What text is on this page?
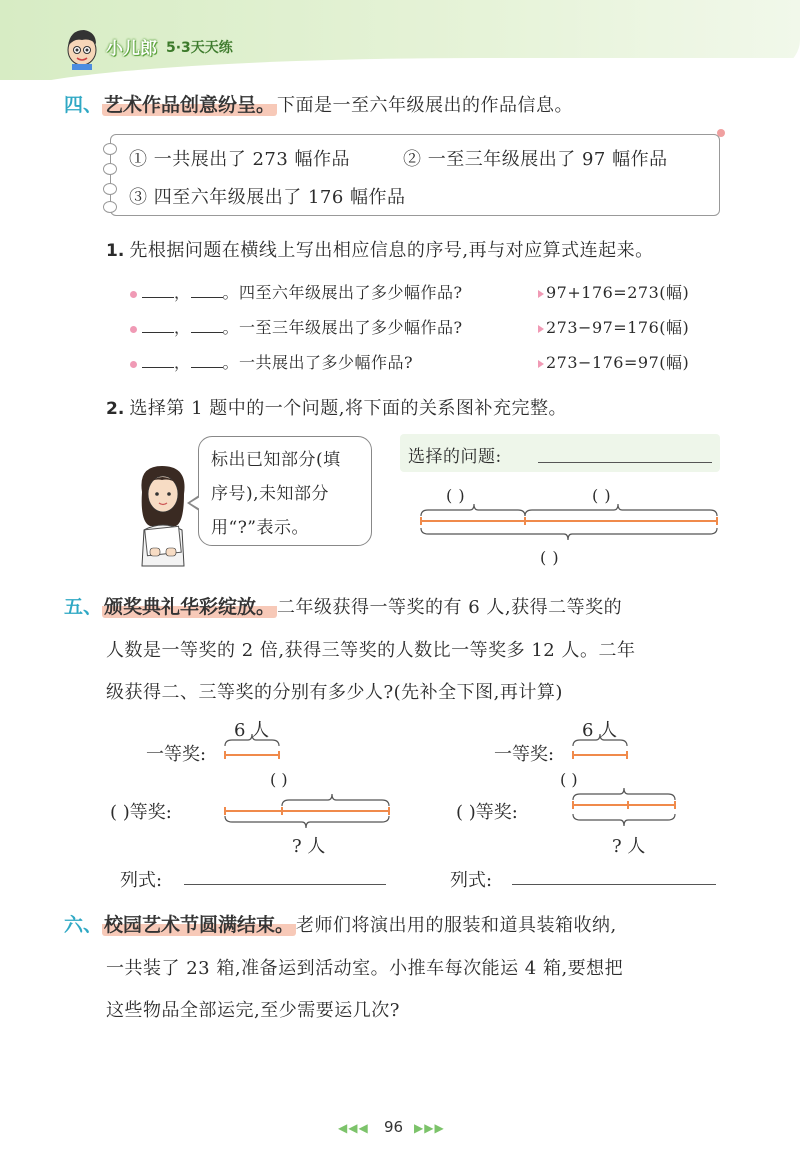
小儿郎 5·3天天练
四、 艺术作品创意纷呈。 下面是一至六年级展出的作品信息。
① 一共展出了 273 幅作品	② 一至三年级展出了 97 幅作品
③ 四至六年级展出了 176 幅作品
1. 先根据问题在横线上写出相应信息的序号,再与对应算式连起来。
， 。四至六年级展出了多少幅作品?	97+176=273(幅)
， 。一至三年级展出了多少幅作品?	273−97=176(幅)
， 。一共展出了多少幅作品?	273−176=97(幅)
2. 选择第 1 题中的一个问题,将下面的关系图补充完整。
标出已知部分(填
序号),未知部分
用“?”表示。
选择的问题:
( )	( )
( )
五、 颁奖典礼华彩绽放。 二年级获得一等奖的有 6 人,获得二等奖的
人数是一等奖的 2 倍,获得三等奖的人数比一等奖多 12 人。二年
级获得二、三等奖的分别有多少人?(先补全下图,再计算)
一等奖:
6 人
( )
( )等奖:
? 人
列式:
一等奖:
6 人
( )
( )等奖:
? 人
列式:
六、 校园艺术节圆满结束。 老师们将演出用的服装和道具装箱收纳,
一共装了 23 箱,准备运到活动室。小推车每次能运 4 箱,要想把
这些物品全部运完,至少需要运几次?
◀◀◀ 96 ▶▶▶
